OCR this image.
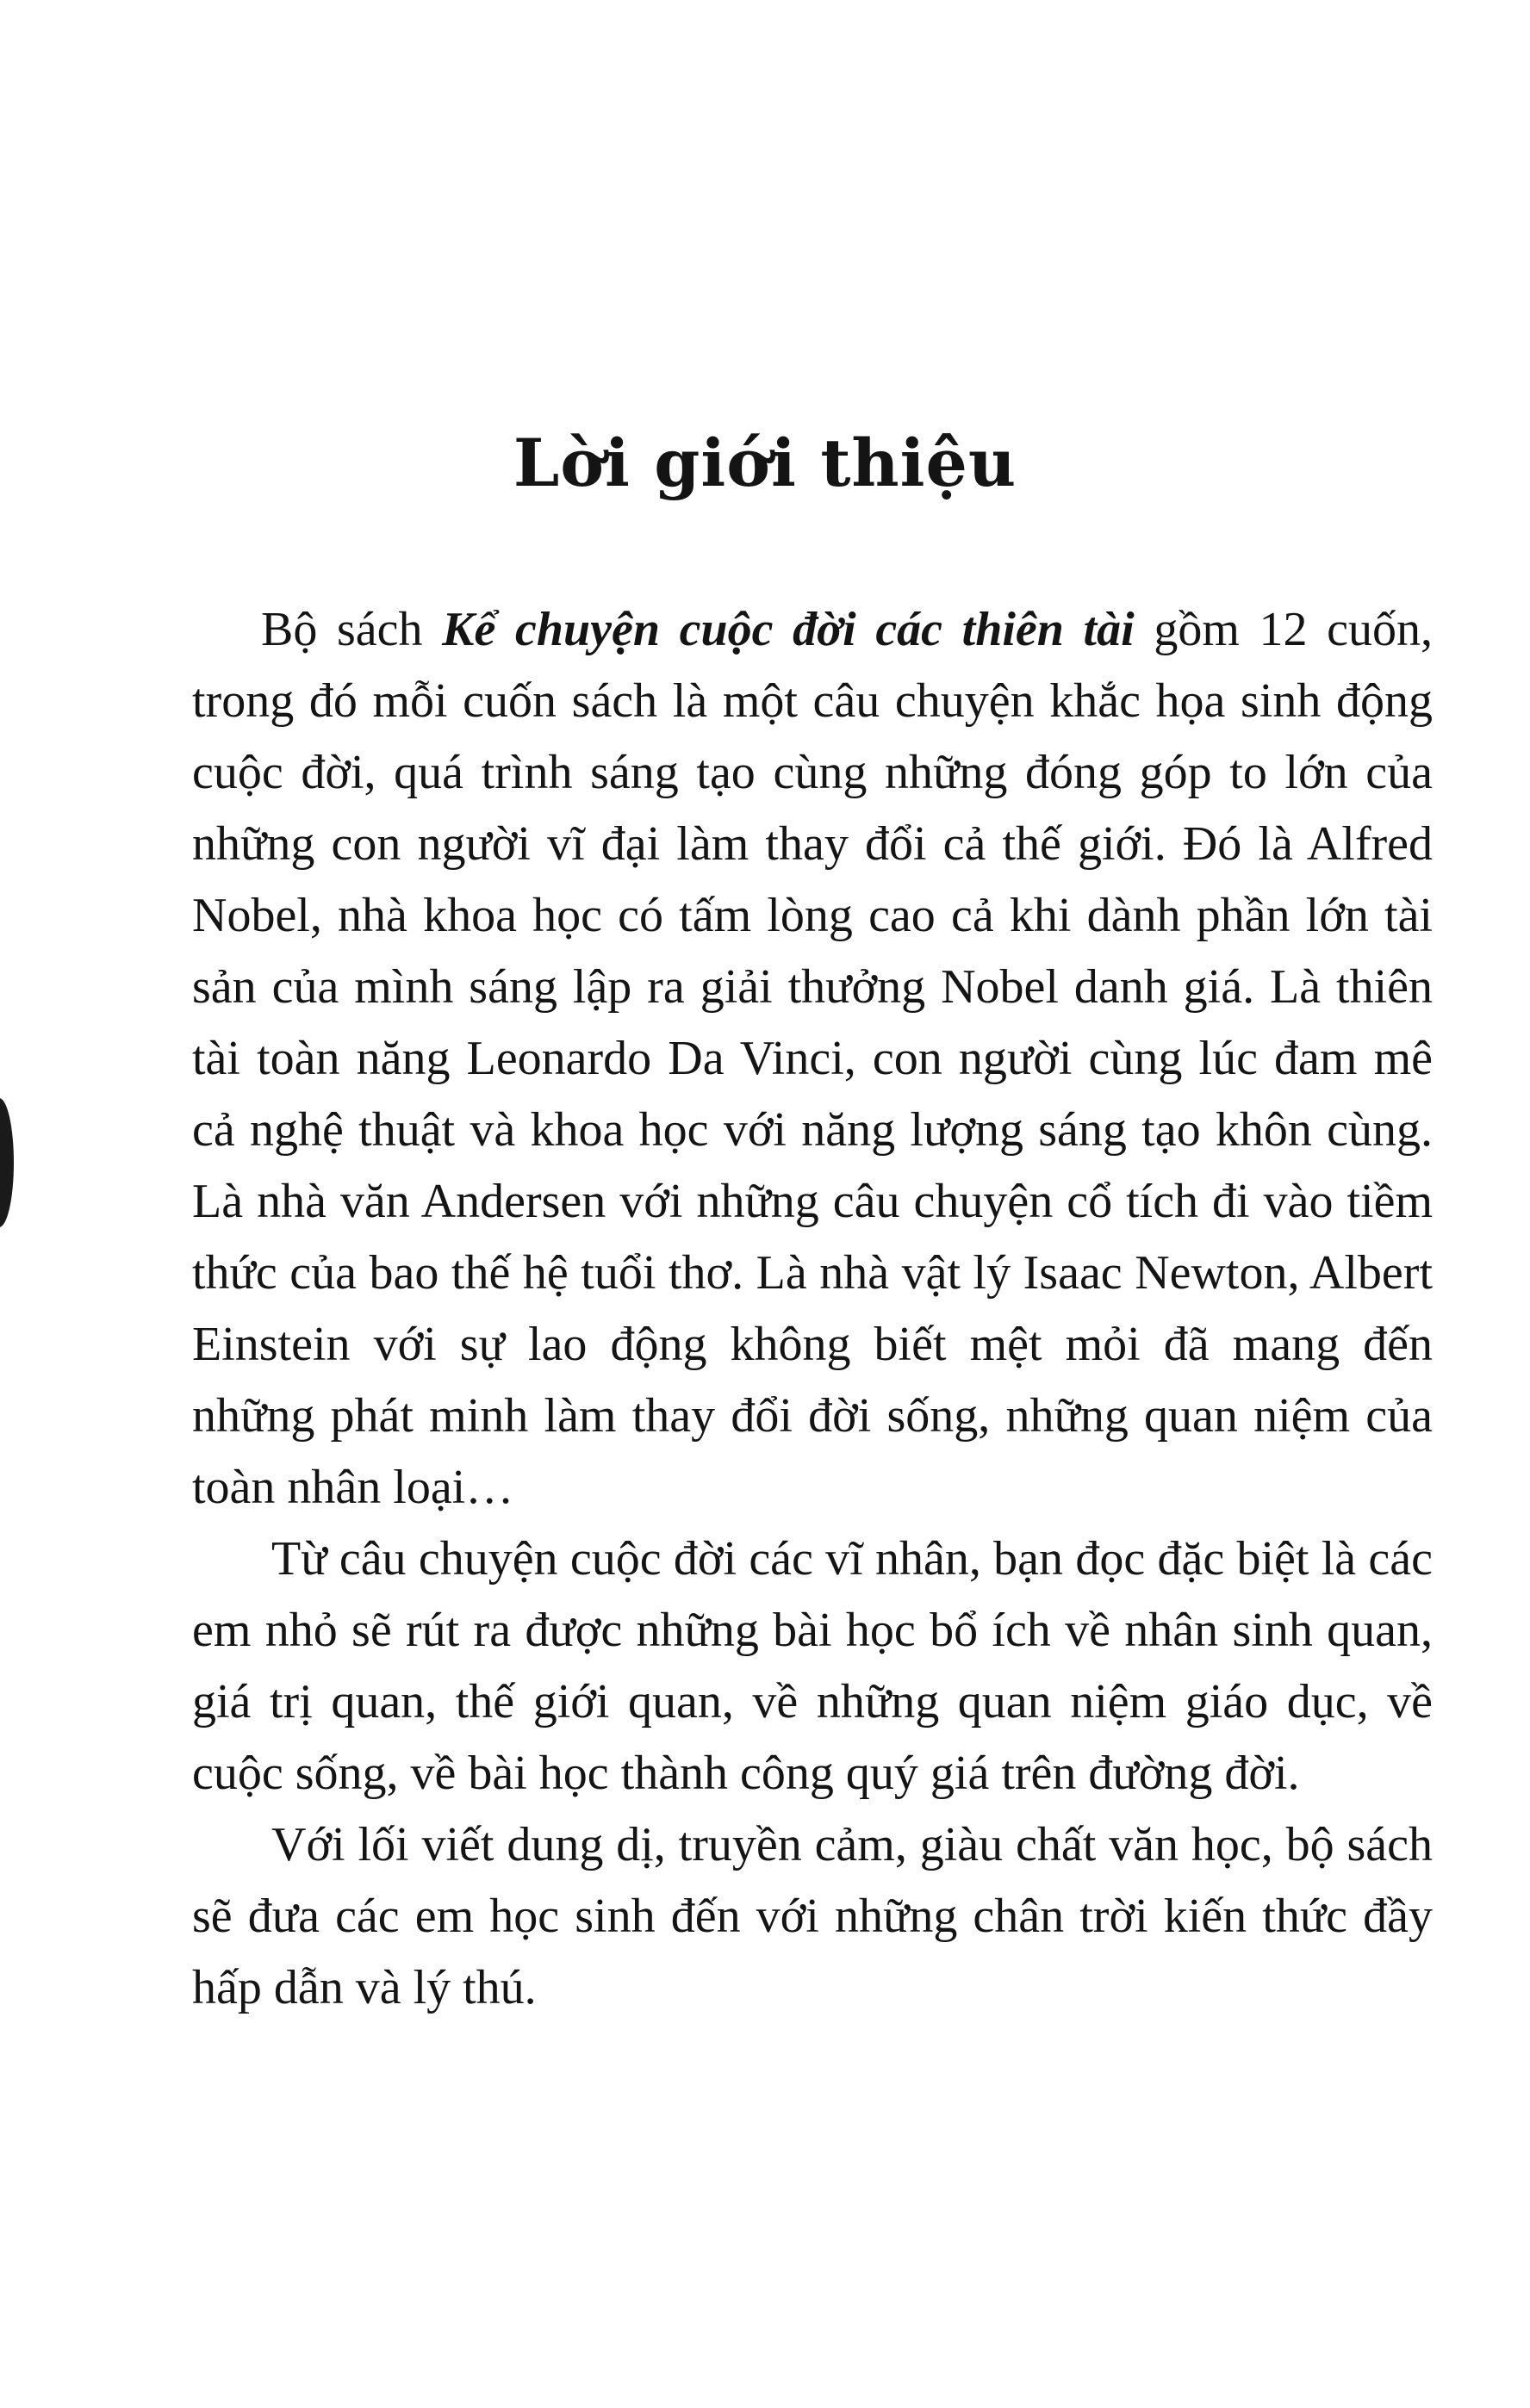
Lời giới thiệu

Bộ sách Kể chuyện cuộc đời các thiên tài gồm 12 cuốn, trong đó mỗi cuốn sách là một câu chuyện khắc họa sinh động cuộc đời, quá trình sáng tạo cùng những đóng góp to lớn của những con người vĩ đại làm thay đổi cả thế giới. Đó là Alfred Nobel, nhà khoa học có tấm lòng cao cả khi dành phần lớn tài sản của mình sáng lập ra giải thưởng Nobel danh giá. Là thiên tài toàn năng Leonardo Da Vinci, con người cùng lúc đam mê cả nghệ thuật và khoa học với năng lượng sáng tạo khôn cùng. Là nhà văn Andersen với những câu chuyện cổ tích đi vào tiềm thức của bao thế hệ tuổi thơ. Là nhà vật lý Isaac Newton, Albert Einstein với sự lao động không biết mệt mỏi đã mang đến những phát minh làm thay đổi đời sống, những quan niệm của toàn nhân loại…

Từ câu chuyện cuộc đời các vĩ nhân, bạn đọc đặc biệt là các em nhỏ sẽ rút ra được những bài học bổ ích về nhân sinh quan, giá trị quan, thế giới quan, về những quan niệm giáo dục, về cuộc sống, về bài học thành công quý giá trên đường đời.

Với lối viết dung dị, truyền cảm, giàu chất văn học, bộ sách sẽ đưa các em học sinh đến với những chân trời kiến thức đầy hấp dẫn và lý thú.
